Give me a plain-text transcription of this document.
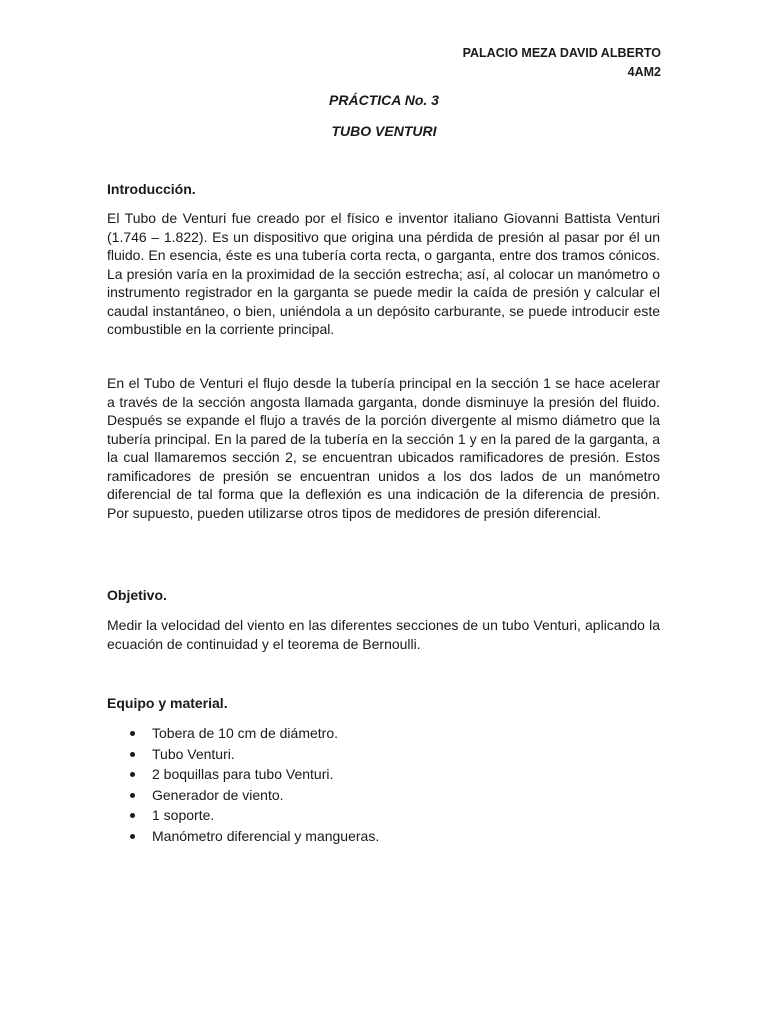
PALACIO MEZA DAVID ALBERTO
4AM2
PRÁCTICA No. 3
TUBO VENTURI

Introducción.

El Tubo de Venturi fue creado por el físico e inventor italiano Giovanni Battista Venturi (1.746 – 1.822). Es un dispositivo que origina una pérdida de presión al pasar por él un fluido. En esencia, éste es una tubería corta recta, o garganta, entre dos tramos cónicos. La presión varía en la proximidad de la sección estrecha; así, al colocar un manómetro o instrumento registrador en la garganta se puede medir la caída de presión y calcular el caudal instantáneo, o bien, uniéndola a un depósito carburante, se puede introducir este combustible en la corriente principal.

En el Tubo de Venturi el flujo desde la tubería principal en la sección 1 se hace acelerar a través de la sección angosta llamada garganta, donde disminuye la presión del fluido. Después se expande el flujo a través de la porción divergente al mismo diámetro que la tubería principal. En la pared de la tubería en la sección 1 y en la pared de la garganta, a la cual llamaremos sección 2, se encuentran ubicados ramificadores de presión. Estos ramificadores de presión se encuentran unidos a los dos lados de un manómetro diferencial de tal forma que la deflexión es una indicación de la diferencia de presión. Por supuesto, pueden utilizarse otros tipos de medidores de presión diferencial.

Objetivo.

Medir la velocidad del viento en las diferentes secciones de un tubo Venturi, aplicando la ecuación de continuidad y el teorema de Bernoulli.

Equipo y material.

Tobera de 10 cm de diámetro.
Tubo Venturi.
2 boquillas para tubo Venturi.
Generador de viento.
1 soporte.
Manómetro diferencial y mangueras.
